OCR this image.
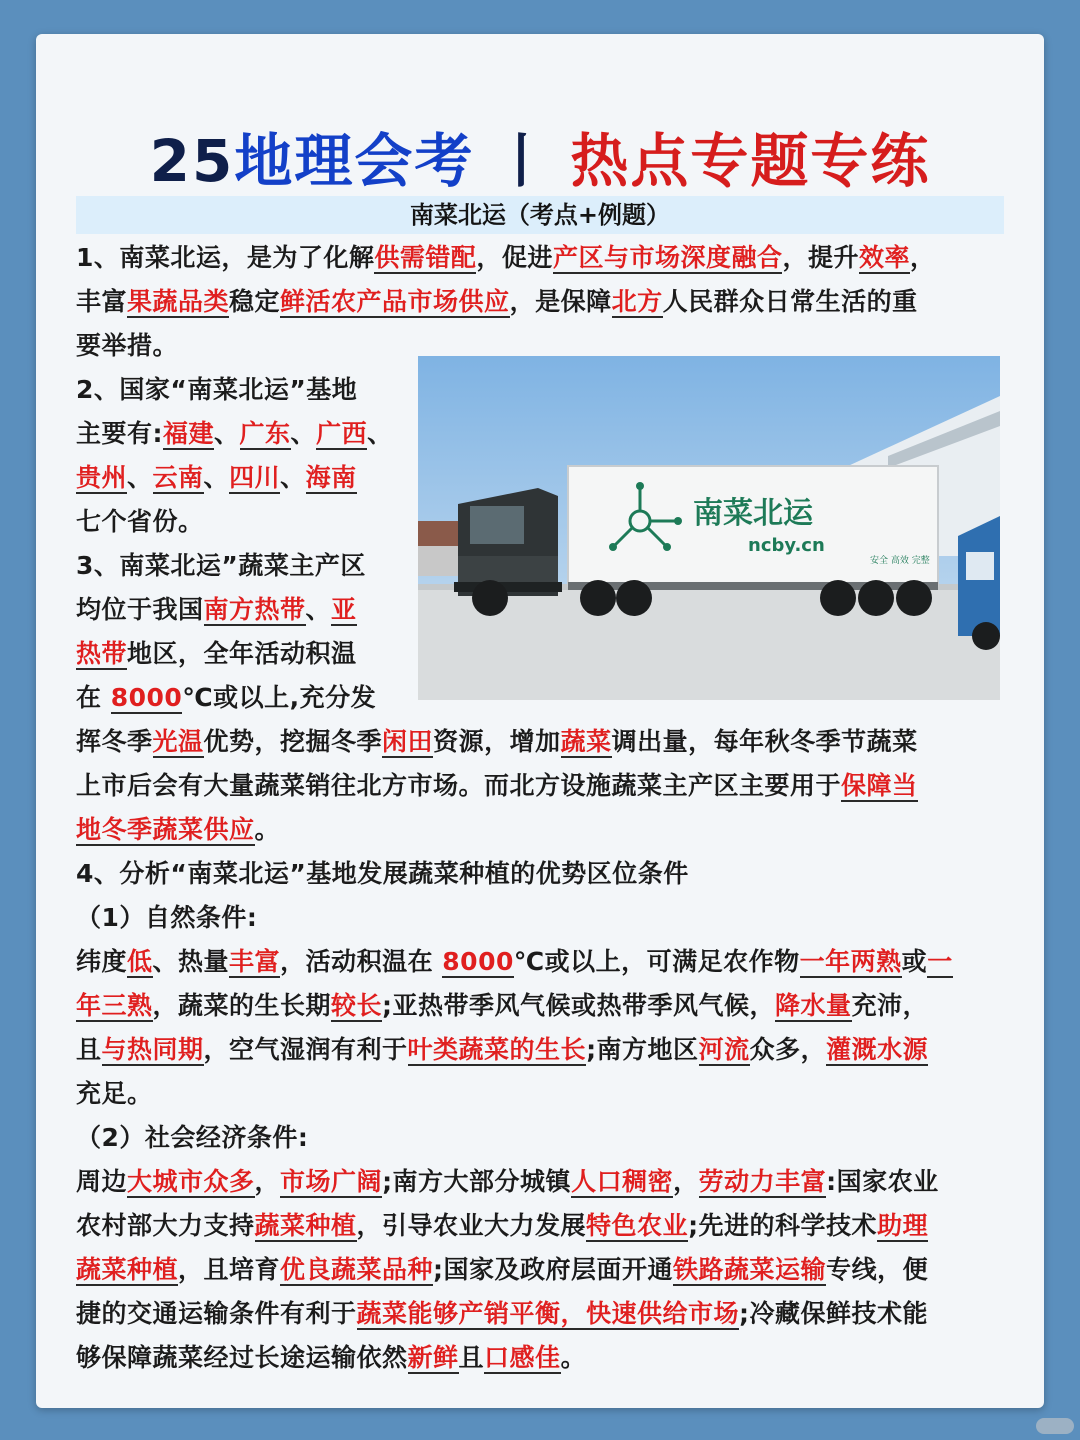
25地理会考 丨 热点专题专练
南菜北运（考点+例题）
1、南菜北运，是为了化解供需错配，促进产区与市场深度融合，提升效率，
丰富果蔬品类稳定鲜活农产品市场供应，是保障北方人民群众日常生活的重
要举措。
2、国家“南菜北运”基地
主要有:福建、广东、广西、
贵州、云南、四川、海南
七个省份。
3、南菜北运”蔬菜主产区
均位于我国南方热带、亚
热带地区，全年活动积温
在 8000℃或以上,充分发
挥冬季光温优势，挖掘冬季闲田资源，增加蔬菜调出量，每年秋冬季节蔬菜
上市后会有大量蔬菜销往北方市场。而北方设施蔬菜主产区主要用于保障当
地冬季蔬菜供应。
4、分析“南菜北运”基地发展蔬菜种植的优势区位条件
（1）自然条件:
纬度低、热量丰富，活动积温在 8000℃或以上，可满足农作物一年两熟或一
年三熟，蔬菜的生长期较长;亚热带季风气候或热带季风气候，降水量充沛，
且与热同期，空气湿润有利于叶类蔬菜的生长;南方地区河流众多，灌溉水源
充足。
（2）社会经济条件:
周边大城市众多，市场广阔;南方大部分城镇人口稠密，劳动力丰富:国家农业
农村部大力支持蔬菜种植，引导农业大力发展特色农业;先进的科学技术助理
蔬菜种植，且培育优良蔬菜品种;国家及政府层面开通铁路蔬菜运输专线，便
捷的交通运输条件有利于蔬菜能够产销平衡，快速供给市场;冷藏保鲜技术能
够保障蔬菜经过长途运输依然新鲜且口感佳。
南菜北运
ncby.cn
安全 高效 完整
